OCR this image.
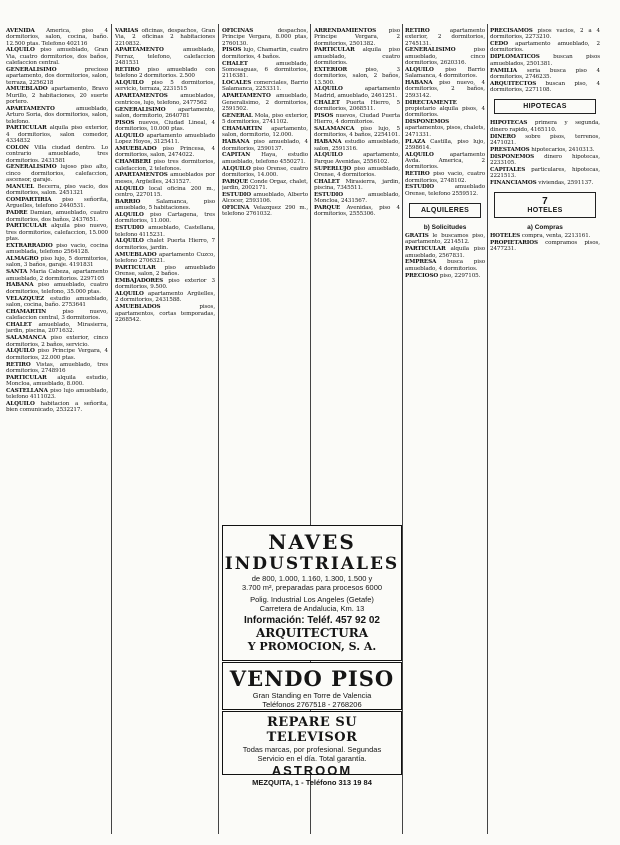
AVENIDA America, piso 4 dormitorios, salon, cocina, baño. 12.500 ptas. Telefono 402116

ALQUILO piso amueblado, Gran Via, cuatro dormitorios, dos baños, calefaccion central.

GENERALISIMO precioso apartamento, dos dormitorios, salon, terraza, 2256218

AMUEBLADO apartamento, Bravo Murillo, 2 habitaciones, 20 suerte portero.

APARTAMENTO amueblado, Arturo Soria, dos dormitorios, salon, telefono.

PARTICULAR alquila piso exterior, 4 dormitorios, salon comedor, 4334832

COLON Villa ciudad dentro. Lo contrario amueblado, tres dormitorios. 2431581

GENERALISIMO lujoso piso alto, cinco dormitorios, calefaccion, ascensor, garaje.

MANUEL Becerra, piso vacio, dos dormitorios, salon. 2451321

COMPARTIRIA piso señorita, Arguelles, telefono 2440531.

PADRE Damian, amueblado, cuatro dormitorios, dos baños, 2437651.

PARTICULAR alquila piso nuevo, tres dormitorios, calefaccion, 15.000 ptas.

EXTRARRADIO piso vacio, cocina amueblada, telefono 2564128.

ALMAGRO piso lujo, 5 dormitorios, salon, 3 baños, garaje. 4191831

SANTA Maria Cabeza, apartamento amueblado, 2 dormitorios. 2297105

HABANA piso amueblado, cuatro dormitorios, telefono, 35.000 ptas.

VELAZQUEZ estudio amueblado, salon, cocina, baño. 2753641

CHAMARTIN piso nuevo, calefaccion central, 3 dormitorios.

CHALET amueblado, Mirasierra, jardin, piscina, 2071632.

SALAMANCA piso exterior, cinco dormitorios, 2 baños, servicio.

ALQUILO piso Principe Vergara, 4 dormitorios, 22.000 ptas.

RETIRO Vistas, amueblado, tres dormitorios, 2748916

PARTICULAR alquila estudio, Moncloa, amueblado, 8.000.

CASTELLANA piso lujo amueblado, telefono 4111023.

ALQUILO habitacion a señorita, bien comunicado, 2532217.

VARIAS oficinas, despachos, Gran Via, 2 oficinas 2 habitaciones 2210832.

APARTAMENTO amueblado, Ferraz, telefono, calefaccion 2481531

RETIRO piso amueblado con telefono 2 dormitorios. 2.500

ALQUILO piso 5 dormitorios, servicio, terraza, 2231515

APARTAMENTOS amueblados, centricos, lujo, telefono, 2477562

GENERALISIMO apartamento, salon, dormitorio, 2640781

PISOS nuevos, Ciudad Lineal, 4 dormitorios, 10.000 ptas.

ALQUILO apartamento amueblado Lopez Hoyos, 3125411.

AMUEBLADO piso Princesa, 4 dormitorios, salon, 2474022.

CHAMBERI piso tres dormitorios, calefaccion, 2 telefonos.

APARTAMENTOS amueblados por meses, Argüelles, 2431527.

ALQUILO local oficina 200 m., centro, 2270115.

BARRIO Salamanca, piso amueblado, 5 habitaciones.

ALQUILO piso Cartagena, tres dormitorios, 11.000.

ESTUDIO amueblado, Castellana, telefono 4115231.

ALQUILO chalet Puerta Hierro, 7 dormitorios, jardin.

AMUEBLADO apartamento Cuzco, telefono 2706321.

PARTICULAR piso amueblado Orense, salon, 2 baños.

EMBAJADORES piso exterior 3 dormitorios, 9.500.

ALQUILO apartamento Argüelles, 2 dormitorios, 2431588.

AMUEBLADOS pisos, apartamentos, cortas temporadas, 2268542.

OFICINAS despachos, Principe Vergara, 8.000 ptas, 2760130.

PISOS lujo, Chamartin, cuatro dormitorios, 4 baños.

CHALET amueblado, Somosaguas, 6 dormitorios, 2116381.

LOCALES comerciales, Barrio Salamanca, 2253311.

APARTAMENTO amueblado, Generalisimo, 2 dormitorios, 2591502.

GENERAL Mola, piso exterior, 5 dormitorios, 2741102.

CHAMARTIN apartamento, salon, dormitorio, 12.000.

HABANA piso amueblado, 4 dormitorios, 2590137.

CAPITAN Haya, estudio amueblado, telefono 4550271.

ALQUILO piso Orense, cuatro dormitorios, 14.000.

PARQUE Conde Orgaz, chalet, jardin, 2002171.

ESTUDIO amueblado, Alberto Alcocer, 2593106.

OFICINA Velazquez 290 m., telefono 2761032.

ARRENDAMIENTOS piso Principe Vergara, 2 dormitorios, 2501382.

PARTICULAR alquila piso amueblado, cuatro dormitorios.

EXTERIOR piso, 3 dormitorios, salon, 2 baños, 13.500.

ALQUILO apartamento Madrid, amueblado, 2461251.

CHALET Puerta Hierro, 5 dormitorios, 2068511.

PISOS nuevos, Ciudad Puerta Hierro, 4 dormitorios.

SALAMANCA piso lujo, 5 dormitorios, 4 baños, 2254101.

HABANA estudio amueblado, salon, 2591316.

ALQUILO apartamento, Parque Avenidas, 2556102.

SUPERLUJO piso amueblado, Orense, 4 dormitorios.

CHALET Mirasierra, jardin, piscina, 7345511.

ESTUDIO amueblado, Moncloa, 2431567.

PARQUE Avenidas, piso 4 dormitorios, 2555306.

RETIRO apartamento exterior, 2 dormitorios, 2745131.

GENERALISIMO piso amueblado, cinco dormitorios, 2620316.

ALQUILO piso Barrio Salamanca, 4 dormitorios.

HABANA piso nuevo, 4 dormitorios, 2 baños, 2593142.

DIRECTAMENTE propietario alquila pisos, 4 dormitorios.

DISPONEMOS apartamentos, pisos, chalets, 2471331.

PLAZA Castilla, piso lujo, 2598614.

ALQUILO apartamento Avda. America, 2 dormitorios.

RETIRO piso vacio, cuatro dormitorios, 2748102.

ESTUDIO amueblado Orense, telefono 2559512.

ALQUILERES
b) Solicitudes

GRATIS le buscamos piso, apartamento, 2214512.

PARTICULAR alquila piso amueblado, 2567831.

EMPRESA busca piso amueblado, 4 dormitorios.

PRECIOSO piso, 2297105.

PRECISAMOS pisos vacios, 2 a 4 dormitorios, 2273210.

CEDO apartamento amueblado, 2 dormitorios.

DIPLOMATICOS buscan pisos amueblados, 2501381.

FAMILIA seria busca piso 4 dormitorios, 2746235.

ARQUITECTOS buscan piso, 4 dormitorios, 2271108.

HIPOTECAS

HIPOTECAS primera y segunda, dinero rapido, 4165110.

DINERO sobre pisos, terrenos, 2471021.

PRESTAMOS hipotecarios, 2410313.

DISPONEMOS dinero hipotecas, 2233105.

CAPITALES particulares, hipotecas, 2221513.

FINANCIAMOS viviendas, 2591137.

7
HOTELES
a) Compras

HOTELES compra, venta, 2213161.

PROPIETARIOS compramos pisos, 2477231.

NAVES
INDUSTRIALES
de 800, 1.000, 1.160, 1.300, 1.500 y
3.700 m², preparadas para procesos 6000
Polig. Industrial Los Angeles (Getafe)
Carretera de Andalucia, Km. 13
Información: Teléf. 457 92 02
ARQUITECTURA
Y PROMOCION, S. A.
VENDO PISO
Gran Standing en Torre de Valencia
Teléfonos 2767518 - 2768206
REPARE SU TELEVISOR
Todas marcas, por profesional. Segundas
Servicio en el día. Total garantía.
ASTROOM
MEZQUITA, 1 - Teléfono 313 19 84
